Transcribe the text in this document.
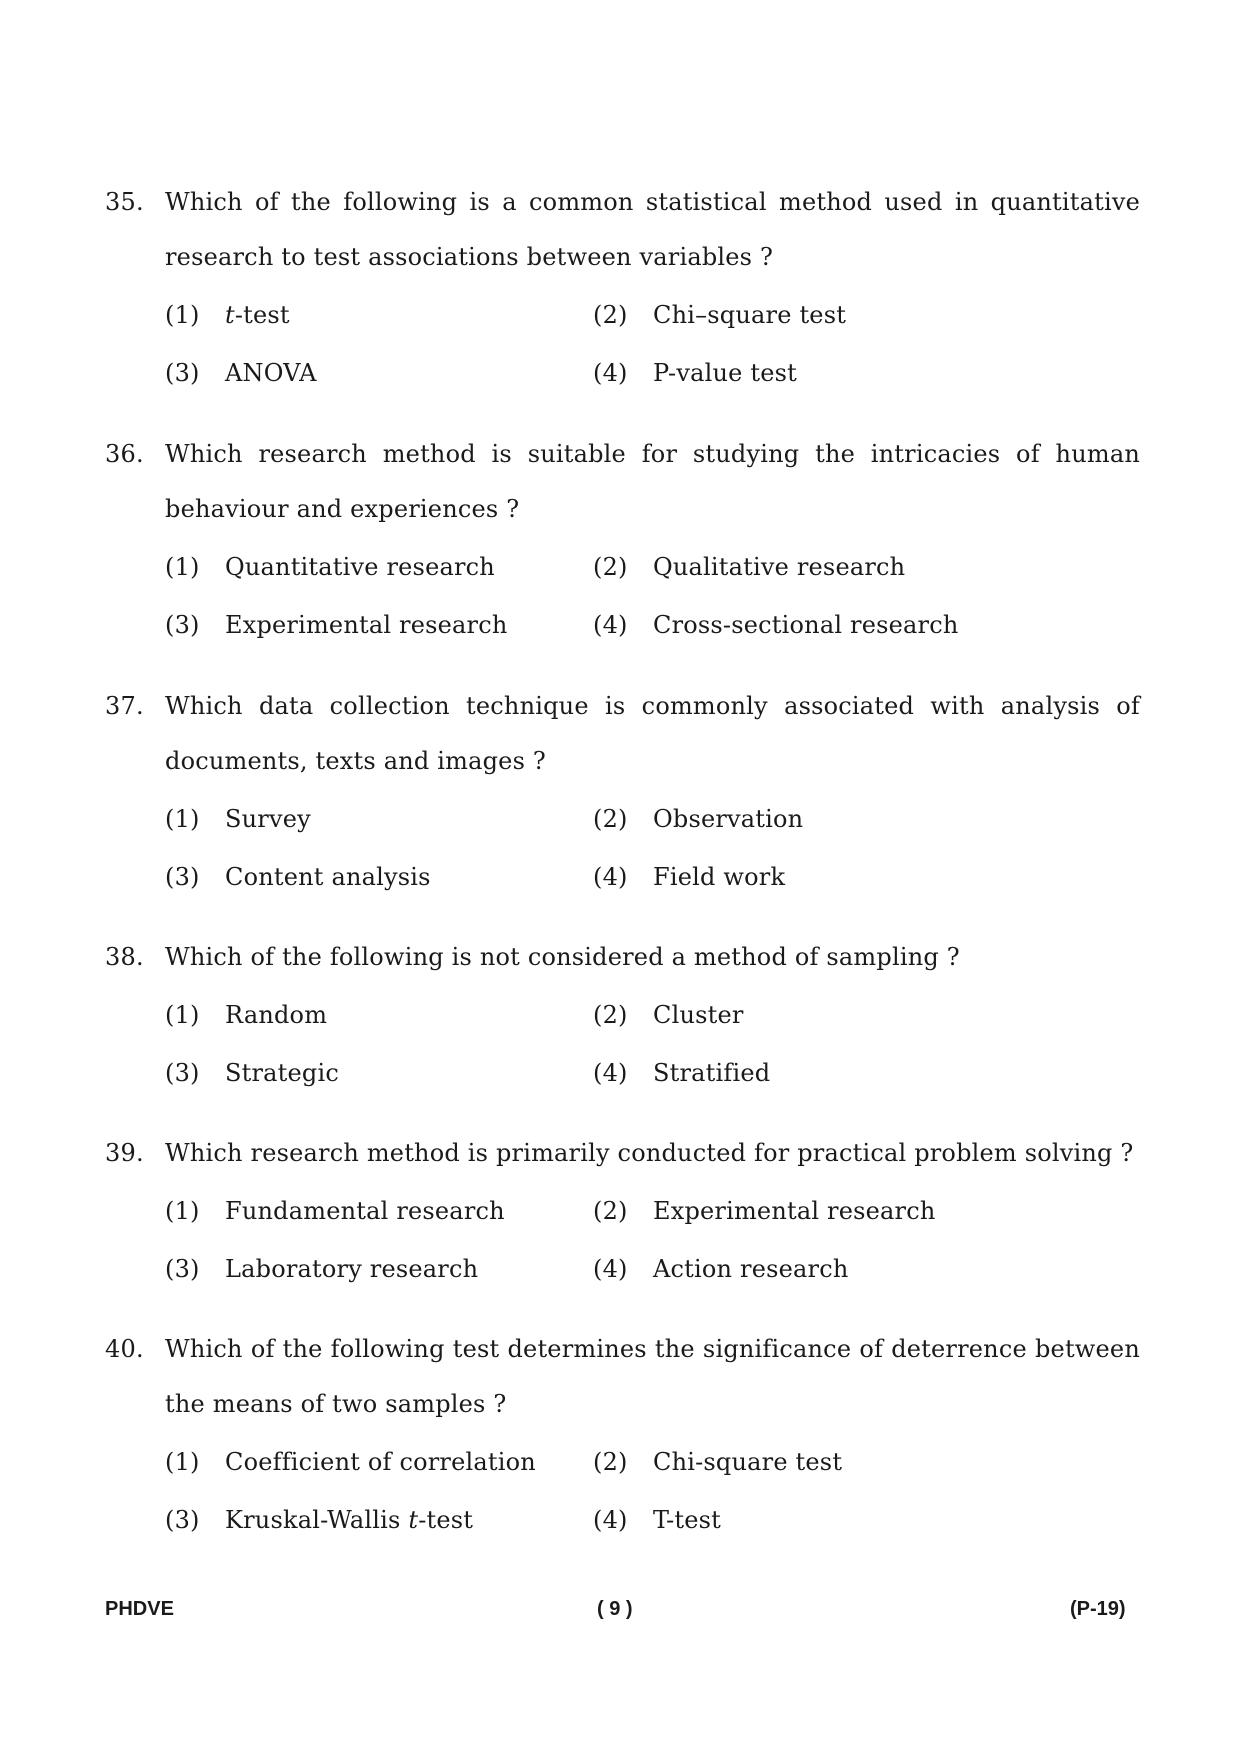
35. Which of the following is a common statistical method used in quantitative research to test associations between variables ?
(1) t-test	(2) Chi–square test
(3) ANOVA	(4) P-value test
36. Which research method is suitable for studying the intricacies of human behaviour and experiences ?
(1) Quantitative research	(2) Qualitative research
(3) Experimental research	(4) Cross-sectional research
37. Which data collection technique is commonly associated with analysis of documents, texts and images ?
(1) Survey	(2) Observation
(3) Content analysis	(4) Field work
38. Which of the following is not considered a method of sampling ?
(1) Random	(2) Cluster
(3) Strategic	(4) Stratified
39. Which research method is primarily conducted for practical problem solving ?
(1) Fundamental research	(2) Experimental research
(3) Laboratory research	(4) Action research
40. Which of the following test determines the significance of deterrence between the means of two samples ?
(1) Coefficient of correlation (2) Chi-square test
(3) Kruskal-Wallis t-test	(4) T-test
PHDVE	( 9 )	(P-19)
